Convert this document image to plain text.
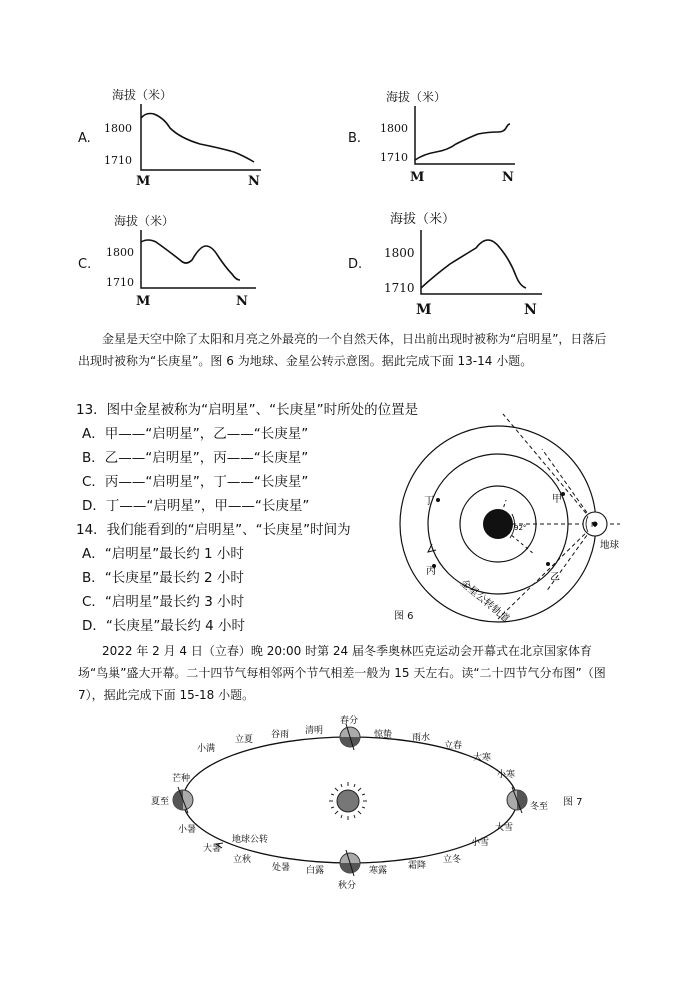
A.	B.
C.	D.
海拔（米）
1800
1710
M	N
海拔（米）
1800
1710
M	N
海拔（米）
1800
1710
M	N
海拔（米）
1800
1710
M	N
金星是天空中除了太阳和月亮之外最亮的一个自然天体，日出前出现时被称为“启明星”，日落后出现时被称为“长庚星”。图 6 为地球、金星公转示意图。据此完成下面 13-14 小题。
13．图中金星被称为“启明星”、“长庚星”时所处的位置是
A．甲——“启明星”，乙——“长庚星”
B．乙——“启明星”，丙——“长庚星”
C．丙——“启明星”，丁——“长庚星”
D．丁——“启明星”，甲——“长庚星”
14．我们能看到的“启明星”、“长庚星”时间为
A．“启明星”最长约 1 小时
B．“长庚星”最长约 2 小时
C．“启明星”最长约 3 小时
D．“长庚星”最长约 4 小时
甲
乙
丙
丁
地球
92°	N
金星公转轨道
图 6
2022 年 2 月 4 日（立春）晚 20:00 时第 24 届冬季奥林匹克运动会开幕式在北京国家体育场“鸟巢”盛大开幕。二十四节气每相邻两个节气相差一般为 15 天左右。读“二十四节气分布图”（图 7），据此完成下面 15-18 小题。
小满
立夏 谷雨 清明
春分
惊蛰 雨水
立春
大寒
小寒
芒种
夏至
小暑
冬至
大暑
立秋
处暑 白露
秋分
寒露 霜降
立冬
小雪
大雪
地球公转
图 7
